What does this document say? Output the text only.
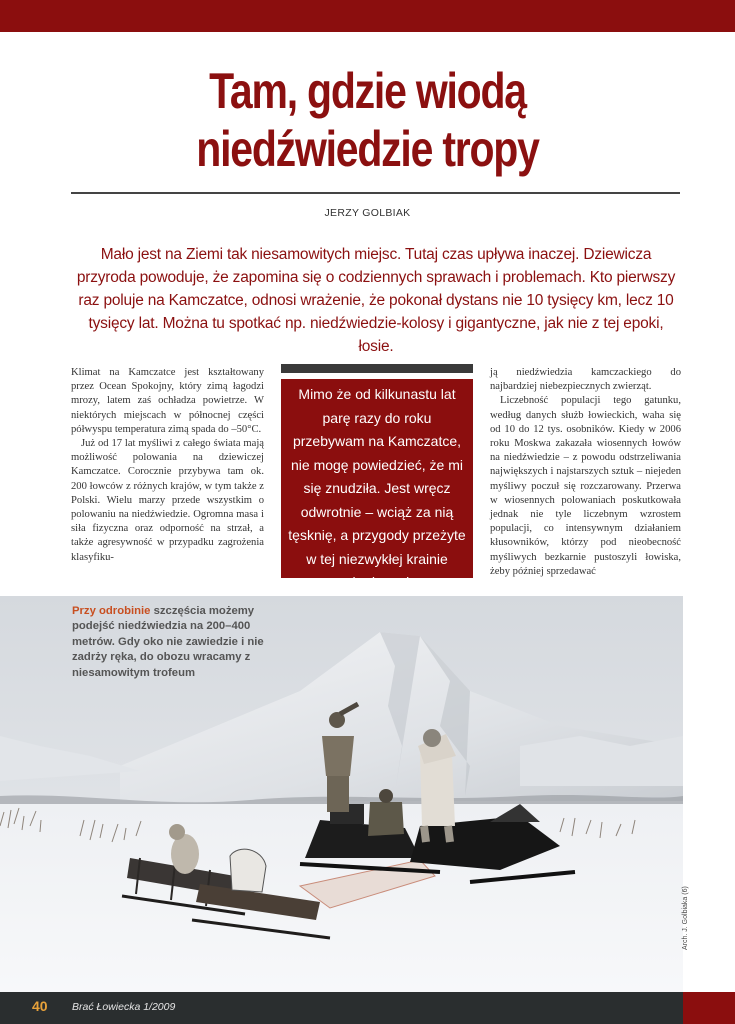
Tam, gdzie wiodą
niedźwiedzie tropy
JERZY GOLBIAK
Mało jest na Ziemi tak niesamowitych miejsc. Tutaj czas upływa inaczej. Dziewicza przyroda powoduje, że zapomina się o codziennych sprawach i problemach. Kto pierwszy raz poluje na Kamczatce, odnosi wrażenie, że pokonał dystans nie 10 tysięcy km, lecz 10 tysięcy lat. Można tu spotkać np. niedźwiedzie-kolosy i gigantyczne, jak nie z tej epoki, łosie.

Klimat na Kamczatce jest kształtowany przez Ocean Spokojny, który zimą łagodzi mrozy, latem zaś ochładza powietrze. W niektórych miejscach w północnej części półwyspu temperatura zimą spada do –50°C.

Już od 17 lat myśliwi z całego świata mają możliwość polowania na dziewiczej Kamczatce. Corocznie przybywa tam ok. 200 łowców z różnych krajów, w tym także z Polski. Wielu marzy przede wszystkim o polowaniu na niedźwiedzie. Ogromna masa i siła fizyczna oraz odporność na strzał, a także agresywność w przypadku zagrożenia klasyfiku-

Mimo że od kilkunastu lat parę razy do roku przebywam na Kamczatce, nie mogę powiedzieć, że mi się znudziła. Jest wręcz odwrotnie – wciąż za nią tęsknię, a przygody przeżyte w tej niezwykłej krainie wracają do mnie we

ją niedźwiedzia kamczackiego do najbardziej niebezpiecznych zwierząt.

Liczebność populacji tego gatunku, według danych służb łowieckich, waha się od 10 do 12 tys. osobników. Kiedy w 2006 roku Moskwa zakazała wiosennych łowów na niedźwiedzie – z powodu odstrzeliwania największych i najstarszych sztuk – niejeden myśliwy poczuł się rozczarowany. Przerwa w wiosennych polowaniach poskutkowała jednak nie tyle liczebnym wzrostem populacji, co intensywnym działaniem kłusowników, którzy pod nieobecność myśliwych bezkarnie pustoszyli łowiska, żeby później sprzedawać

Przy odrobinie szczęścia możemy podejść niedźwiedzia na 200–400 metrów. Gdy oko nie zawiedzie i nie zadrży ręka, do obozu wracamy z niesamowitym trofeum
Arch. J. Golbiaka (6)
40 Brać Łowiecka 1/2009
